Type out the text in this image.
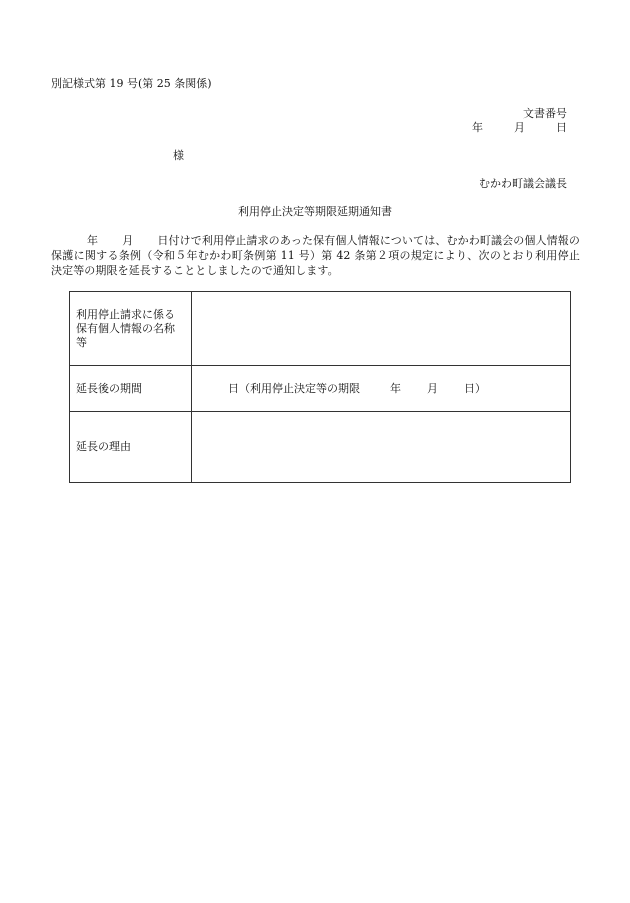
別記様式第 19 号(第 25 条関係)
文書番号
年	月	日
様
むかわ町議会議長
利用停止決定等期限延期通知書
年 月 日付けで利用停止請求のあった保有個人情報については、むかわ町議会の個人情報の保護に関する条例（令和５年むかわ町条例第 11 号）第 42 条第２項の規定により、次のとおり利用停止決定等の期限を延長することとしましたので通知します。
利用停止請求に係る保有個人情報の名称等	
延長後の期間	日（利用停止決定等の期限 年 月 日）
延長の理由	
